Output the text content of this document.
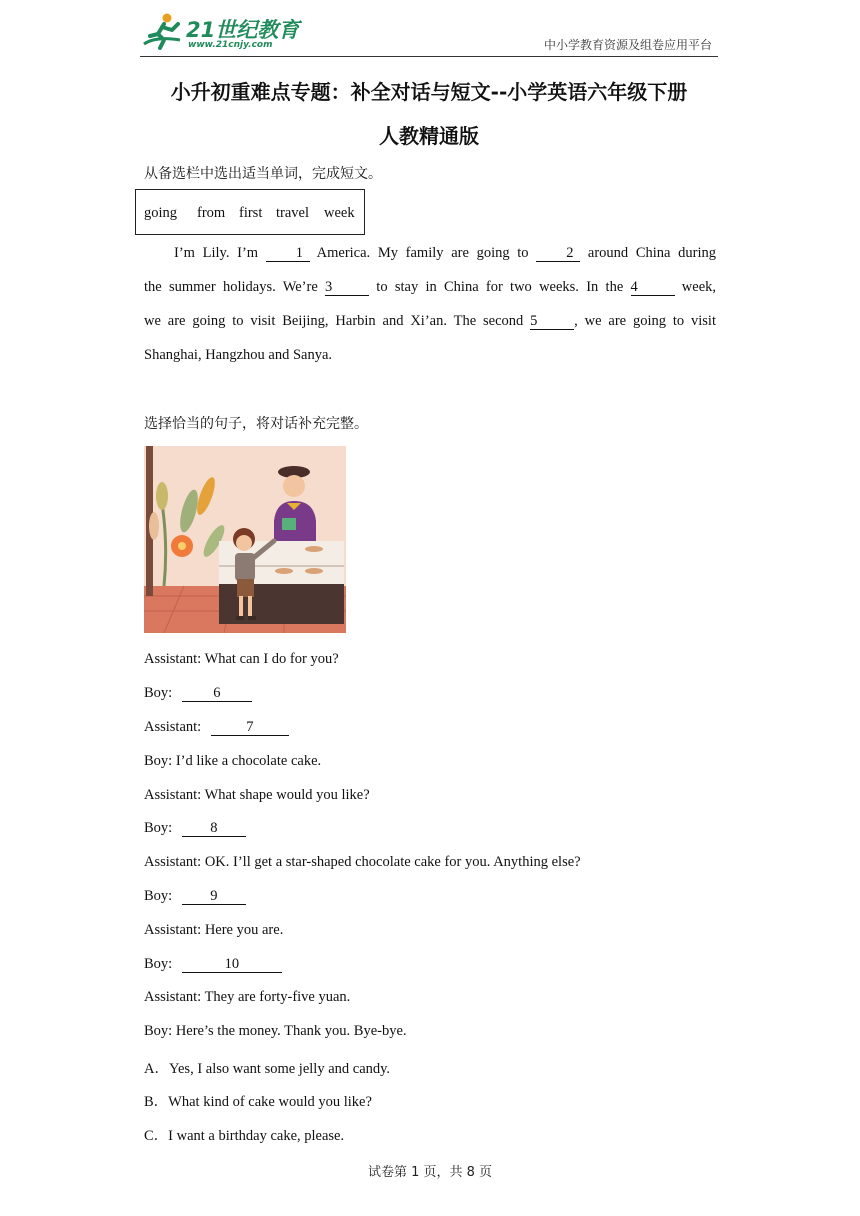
21世纪教育
www.21cnjy.com	中小学教育资源及组卷应用平台
小升初重难点专题：补全对话与短文--小学英语六年级下册
人教精通版
从备选栏中选出适当单词，完成短文。
going from first travel week
I’m Lily. I’m	1 America. My family are going to	2 around China during
the summer holidays. We’re 3	to stay in China for two weeks. In the 4	week,
we are going to visit Beijing, Harbin and Xi’an. The second 5	, we are going to visit
Shanghai, Hangzhou and Sanya.
选择恰当的句子，将对话补充完整。
Assistant: What can I do for you?
Boy:	6
Assistant:	7
Boy: I’d like a chocolate cake.
Assistant: What shape would you like?
Boy:	8
Assistant: OK. I’ll get a star-shaped chocolate cake for you. Anything else?
Boy:	9
Assistant: Here you are.
Boy:	10
Assistant: They are forty-five yuan.
Boy: Here’s the money. Thank you. Bye-bye.
A．Yes, I also want some jelly and candy.
B．What kind of cake would you like?
C．I want a birthday cake, please.
试卷第 1 页，共 8 页
